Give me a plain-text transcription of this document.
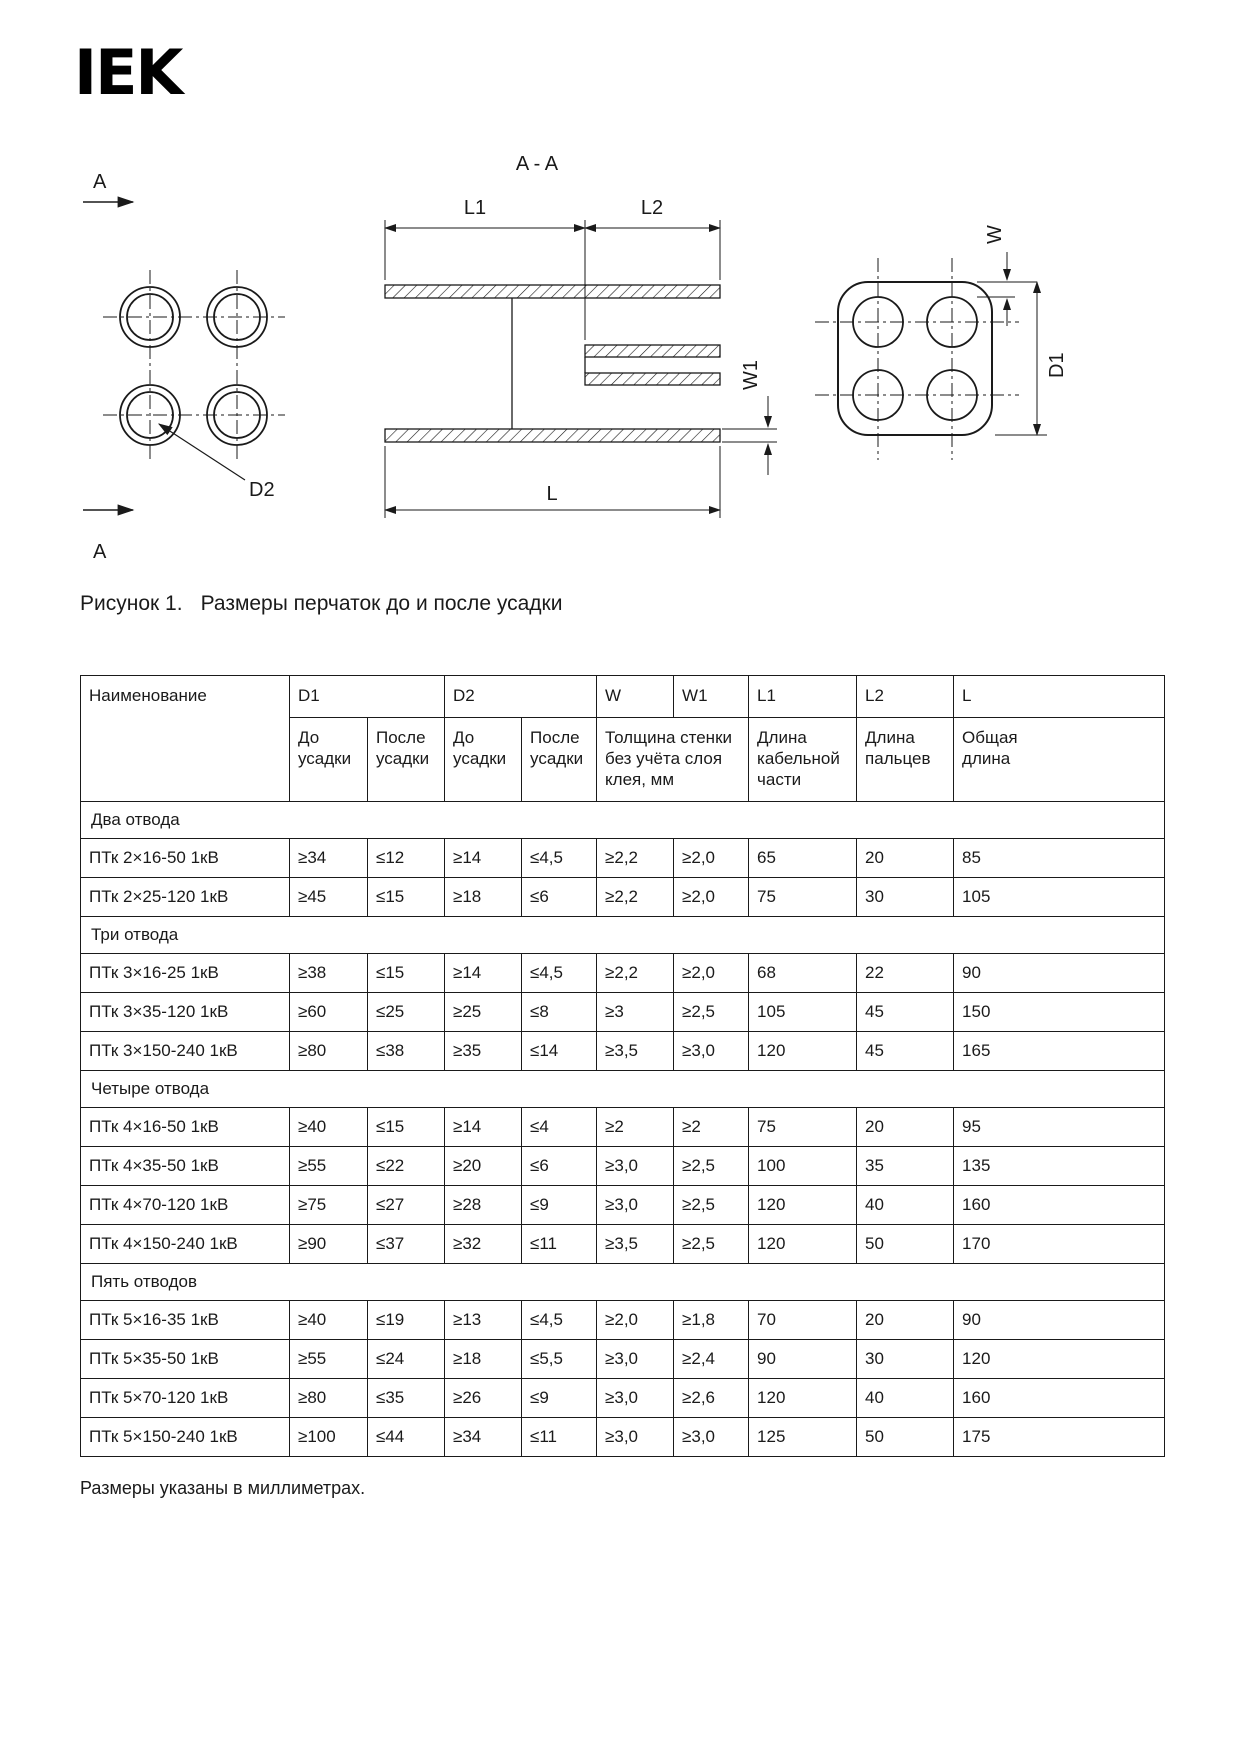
IEK
A
A
D2
A - A
L1	L2
L
W1
W
D1
Рисунок 1. Размеры перчаток до и после усадки
Наименование	D1		D2		W	W1	L1	L2	L
	До усадки	После усадки	До усадки	После усадки	Толщина стенки без учёта слоя клея, мм		Длина кабельной части	Длина пальцев	Общая длина
Два отвода									
ПТк 2×16-50 1кВ	≥34	≤12	≥14	≤4,5	≥2,2	≥2,0	65	20	85
ПТк 2×25-120 1кВ	≥45	≤15	≥18	≤6	≥2,2	≥2,0	75	30	105
Три отвода									
ПТк 3×16-25 1кВ	≥38	≤15	≥14	≤4,5	≥2,2	≥2,0	68	22	90
ПТк 3×35-120 1кВ	≥60	≤25	≥25	≤8	≥3	≥2,5	105	45	150
ПТк 3×150-240 1кВ	≥80	≤38	≥35	≤14	≥3,5	≥3,0	120	45	165
Четыре отвода									
ПТк 4×16-50 1кВ	≥40	≤15	≥14	≤4	≥2	≥2	75	20	95
ПТк 4×35-50 1кВ	≥55	≤22	≥20	≤6	≥3,0	≥2,5	100	35	135
ПТк 4×70-120 1кВ	≥75	≤27	≥28	≤9	≥3,0	≥2,5	120	40	160
ПТк 4×150-240 1кВ	≥90	≤37	≥32	≤11	≥3,5	≥2,5	120	50	170
Пять отводов									
ПТк 5×16-35 1кВ	≥40	≤19	≥13	≤4,5	≥2,0	≥1,8	70	20	90
ПТк 5×35-50 1кВ	≥55	≤24	≥18	≤5,5	≥3,0	≥2,4	90	30	120
ПТк 5×70-120 1кВ	≥80	≤35	≥26	≤9	≥3,0	≥2,6	120	40	160
ПТк 5×150-240 1кВ	≥100	≤44	≥34	≤11	≥3,0	≥3,0	125	50	175
Размеры указаны в миллиметрах.
